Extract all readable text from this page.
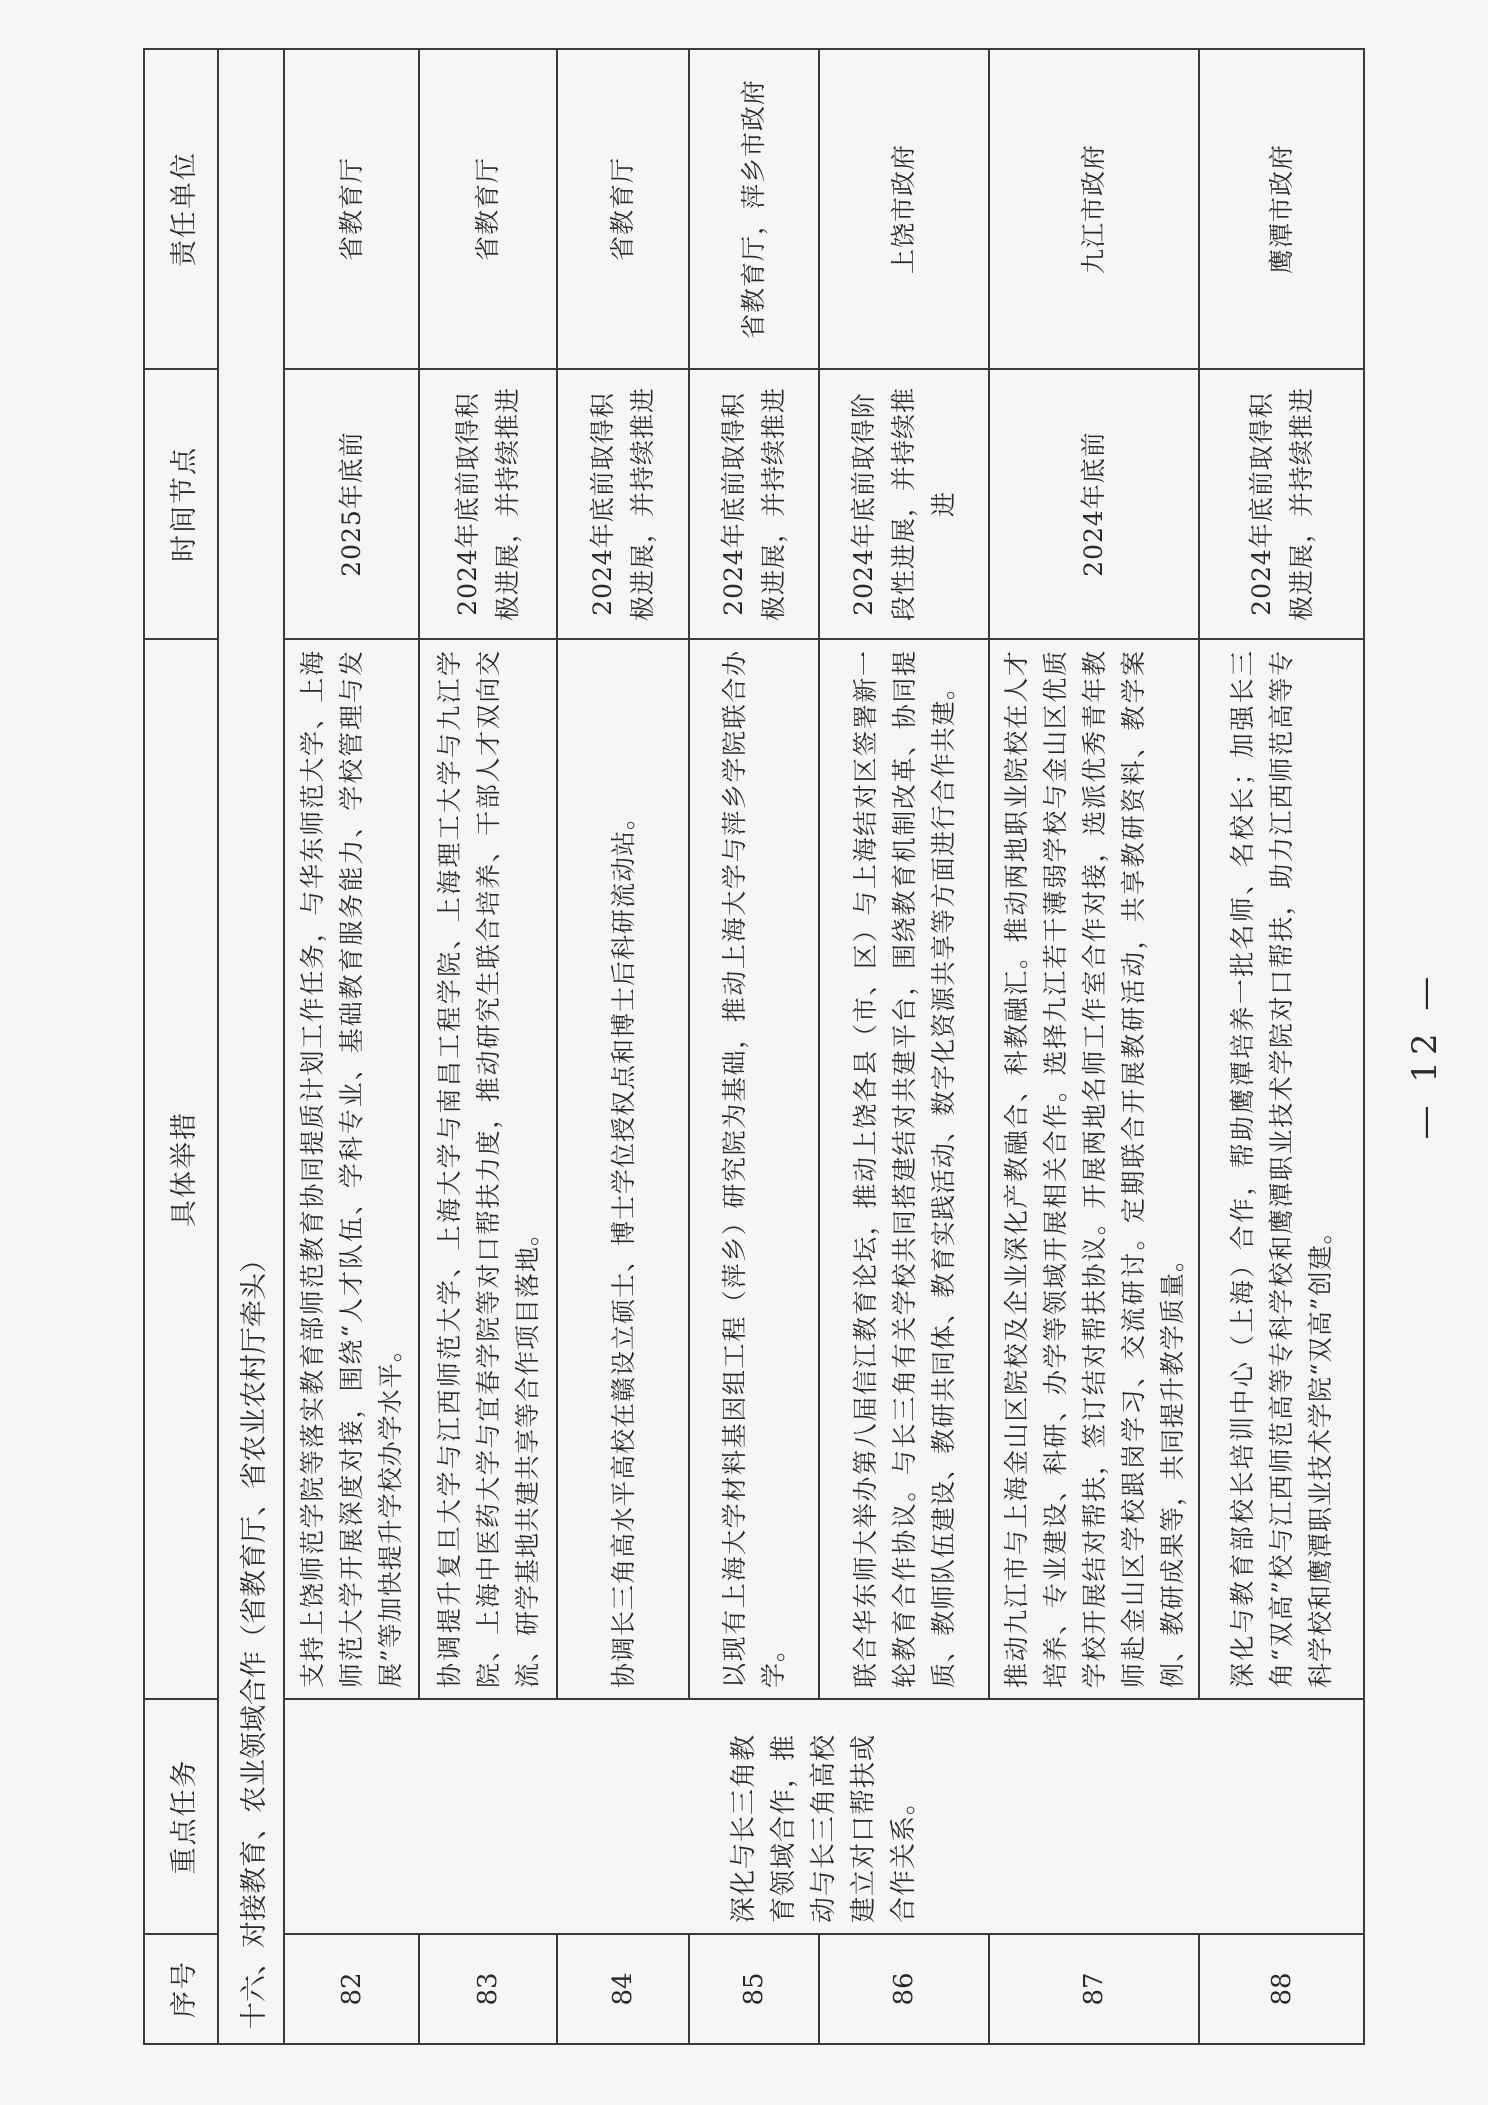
序号	重点任务	具体举措	时间节点	责任单位
十六、对接教育、农业领域合作（省教育厅、省农业农村厅牵头）				
82	深化与长三角教育领域合作，推动与长三角高校建立对口帮扶或合作关系。	支持上饶师范学院等落实教育部师范教育协同提质计划工作任务，与华东师范大学、上海师范大学开展深度对接，围绕“人才队伍、学科专业、基础教育服务能力、学校管理与发展”等加快提升学校办学水平。	2025年底前	省教育厅
83		协调提升复旦大学与江西师范大学、上海大学与南昌工程学院、上海理工大学与九江学院、上海中医药大学与宜春学院等对口帮扶力度，推动研究生联合培养、干部人才双向交流、研学基地共建共享等合作项目落地。	2024年底前取得积极进展，并持续推进	省教育厅
84		协调长三角高水平高校在赣设立硕士、博士学位授权点和博士后科研流动站。	2024年底前取得积极进展，并持续推进	省教育厅
85		以现有上海大学材料基因组工程（萍乡）研究院为基础，推动上海大学与萍乡学院联合办学。	2024年底前取得积极进展，并持续推进	省教育厅，萍乡市政府
86		联合华东师大举办第八届信江教育论坛，推动上饶各县（市、区）与上海结对区签署新一轮教育合作协议。与长三角有关学校共同搭建结对共建平台，围绕教育机制改革、协同提质、教师队伍建设、教研共同体、教育实践活动、数字化资源共享等方面进行合作共建。	2024年底前取得阶段性进展，并持续推进	上饶市政府
87		推动九江市与上海金山区院校及企业深化产教融合、科教融汇。推动两地职业院校在人才培养、专业建设、科研、办学等领域开展相关合作。选择九江若干薄弱学校与金山区优质学校开展结对帮扶，签订结对帮扶协议。开展两地名师工作室合作对接，选派优秀青年教师赴金山区学校跟岗学习、交流研讨。定期联合开展教研活动，共享教研资料、教学案例、教研成果等，共同提升教学质量。	2024年底前	九江市政府
88		深化与教育部校长培训中心（上海）合作，帮助鹰潭培养一批名师、名校长；加强长三角“双高”校与江西师范高等专科学校和鹰潭职业技术学院对口帮扶，助力江西师范高等专科学校和鹰潭职业技术学院“双高”创建。	2024年底前取得积极进展，并持续推进	鹰潭市政府
— 12 —
